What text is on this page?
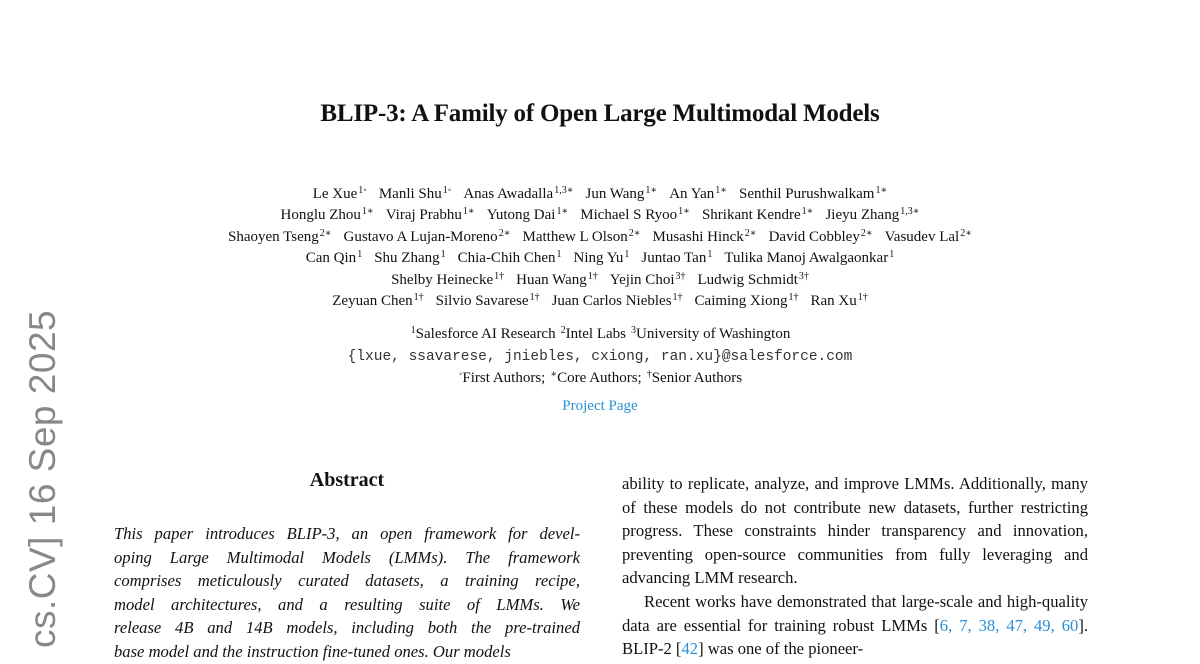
BLIP-3: A Family of Open Large Multimodal Models
Le Xue$^{1◦}$ Manli Shu$^{1◦}$ Anas Awadalla$^{1,3∗}$ Jun Wang$^{1∗}$ An Yan$^{1∗}$ Senthil Purushwalkam$^{1∗}$
Honglu Zhou$^{1∗}$ Viraj Prabhu$^{1∗}$ Yutong Dai$^{1∗}$ Michael S Ryoo$^{1∗}$ Shrikant Kendre$^{1∗}$ Jieyu Zhang$^{1,3∗}$
Shaoyen Tseng$^{2∗}$ Gustavo A Lujan-Moreno$^{2∗}$ Matthew L Olson$^{2∗}$ Musashi Hinck$^{2∗}$ David Cobbley$^{2∗}$ Vasudev Lal$^{2∗}$
Can Qin$^1$ Shu Zhang$^1$ Chia-Chih Chen$^1$ Ning Yu$^1$ Juntao Tan$^1$ Tulika Manoj Awalgaonkar$^1$
Shelby Heinecke$^{1\dagger}$ Huan Wang$^{1\dagger}$ Yejin Choi$^{3\dagger}$ Ludwig Schmidt$^{3\dagger}$
Zeyuan Chen$^{1\dagger}$ Silvio Savarese$^{1\dagger}$ Juan Carlos Niebles$^{1\dagger}$ Caiming Xiong$^{1\dagger}$ Ran $Xu^{1\dagger}$
$^1$Salesforce AI Research $^2$Intel Labs $^3$University of Washington
{lxue, ssavarese, jniebles, cxiong, ran.xu}@salesforce.com
◦First Authors; ∗Core Authors; †Senior Authors
Project Page
cs.CV] 16 Sep 2025	Abstract
This paper introduces BLIP-3, an open framework for devel-
oping Large Multimodal Models (LMMs). The framework
comprises meticulously curated datasets, a training recipe,
model architectures, and a resulting suite of LMMs. We
release 4B and 14B models, including both the pre-trained
base model and the instruction fine-tuned ones. Our models

ability to replicate, analyze, and improve LMMs. Additionally, many of these models do not contribute new datasets, further restricting progress. These constraints hinder transparency and innovation, preventing open-source communities from fully leveraging and advancing LMM research.

Recent works have demonstrated that large-scale and high-quality data are essential for training robust LMMs [6, 7, 38, 47, 49, 60]. BLIP-2 [42] was one of the pioneer-
